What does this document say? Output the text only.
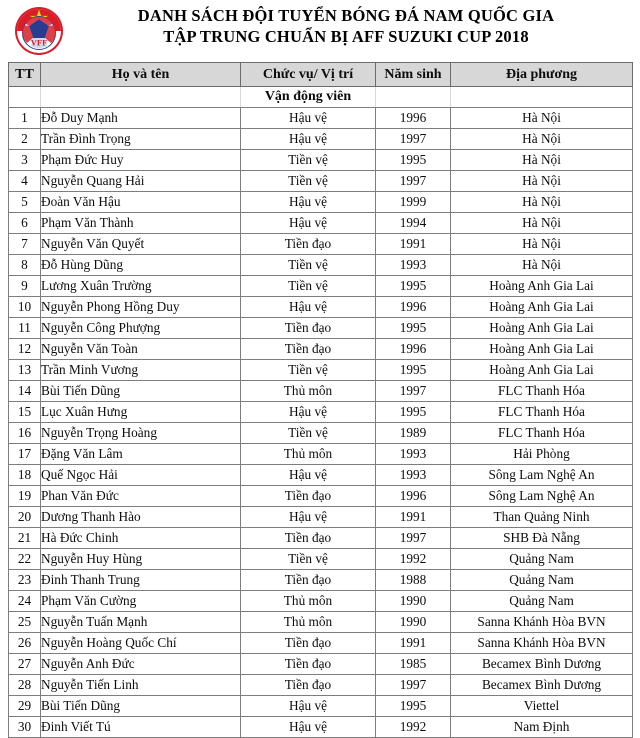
VFF
DANH SÁCH ĐỘI TUYỂN BÓNG ĐÁ NAM QUỐC GIA
TẬP TRUNG CHUẨN BỊ AFF SUZUKI CUP 2018
TT	Họ và tên	Chức vụ/ Vị trí	Năm sinh	Địa phương
		Vận động viên		
1	Đỗ Duy Mạnh	Hậu vệ	1996	Hà Nội
2	Trần Đình Trọng	Hậu vệ	1997	Hà Nội
3	Phạm Đức Huy	Tiền vệ	1995	Hà Nội
4	Nguyễn Quang Hải	Tiền vệ	1997	Hà Nội
5	Đoàn Văn Hậu	Hậu vệ	1999	Hà Nội
6	Phạm Văn Thành	Hậu vệ	1994	Hà Nội
7	Nguyễn Văn Quyết	Tiền đạo	1991	Hà Nội
8	Đỗ Hùng Dũng	Tiền vệ	1993	Hà Nội
9	Lương Xuân Trường	Tiền vệ	1995	Hoàng Anh Gia Lai
10	Nguyễn Phong Hồng Duy	Hậu vệ	1996	Hoàng Anh Gia Lai
11	Nguyễn Công Phượng	Tiền đạo	1995	Hoàng Anh Gia Lai
12	Nguyễn Văn Toàn	Tiền đạo	1996	Hoàng Anh Gia Lai
13	Trần Minh Vương	Tiền vệ	1995	Hoàng Anh Gia Lai
14	Bùi Tiến Dũng	Thủ môn	1997	FLC Thanh Hóa
15	Lục Xuân Hưng	Hậu vệ	1995	FLC Thanh Hóa
16	Nguyễn Trọng Hoàng	Tiền vệ	1989	FLC Thanh Hóa
17	Đặng Văn Lâm	Thủ môn	1993	Hải Phòng
18	Quế Ngọc Hải	Hậu vệ	1993	Sông Lam Nghệ An
19	Phan Văn Đức	Tiền đạo	1996	Sông Lam Nghệ An
20	Dương Thanh Hào	Hậu vệ	1991	Than Quảng Ninh
21	Hà Đức Chinh	Tiền đạo	1997	SHB Đà Nẵng
22	Nguyễn Huy Hùng	Tiền vệ	1992	Quảng Nam
23	Đinh Thanh Trung	Tiền đạo	1988	Quảng Nam
24	Phạm Văn Cường	Thủ môn	1990	Quảng Nam
25	Nguyễn Tuấn Mạnh	Thủ môn	1990	Sanna Khánh Hòa BVN
26	Nguyễn Hoàng Quốc Chí	Tiền đạo	1991	Sanna Khánh Hòa BVN
27	Nguyễn Anh Đức	Tiền đạo	1985	Becamex Bình Dương
28	Nguyễn Tiến Linh	Tiền đạo	1997	Becamex Bình Dương
29	Bùi Tiến Dũng	Hậu vệ	1995	Viettel
30	Đinh Viết Tú	Hậu vệ	1992	Nam Định
